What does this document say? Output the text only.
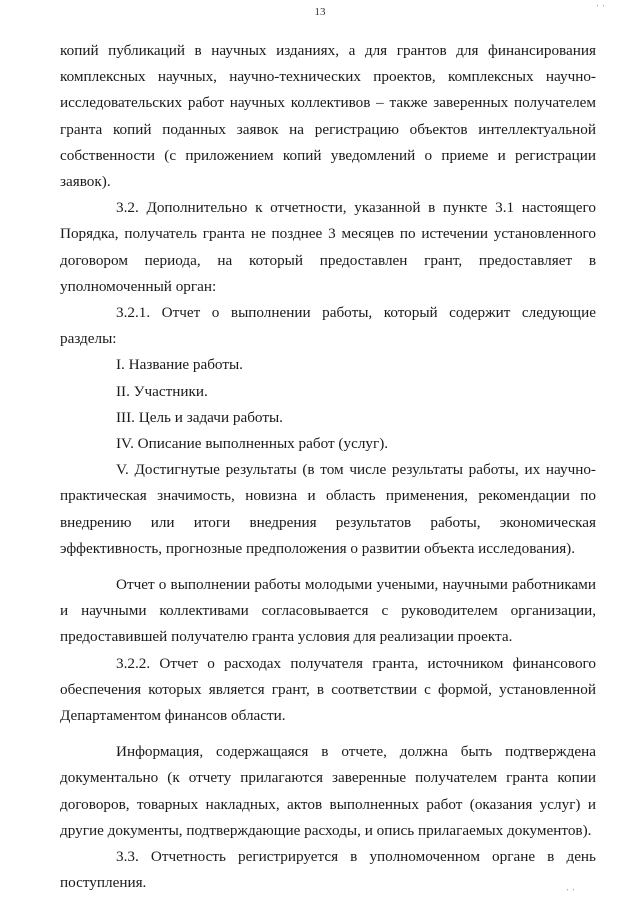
13

копий публикаций в научных изданиях, а для грантов для финансирования комплексных научных, научно-технических проектов, комплексных научно-исследовательских работ научных коллективов – также заверенных получателем гранта копий поданных заявок на регистрацию объектов интеллектуальной собственности (с приложением копий уведомлений о приеме и регистрации заявок).

3.2. Дополнительно к отчетности, указанной в пункте 3.1 настоящего Порядка, получатель гранта не позднее 3 месяцев по истечении установленного договором периода, на который предоставлен грант, предоставляет в уполномоченный орган:

3.2.1. Отчет о выполнении работы, который содержит следующие разделы:

I. Название работы.

II. Участники.

III. Цель и задачи работы.

IV. Описание выполненных работ (услуг).

V. Достигнутые результаты (в том числе результаты работы, их научно-практическая значимость, новизна и область применения, рекомендации по внедрению или итоги внедрения результатов работы, экономическая эффективность, прогнозные предположения о развитии объекта исследования).

Отчет о выполнении работы молодыми учеными, научными работниками и научными коллективами согласовывается с руководителем организации, предоставившей получателю гранта условия для реализации проекта.

3.2.2. Отчет о расходах получателя гранта, источником финансового обеспечения которых является грант, в соответствии с формой, установленной Департаментом финансов области.

Информация, содержащаяся в отчете, должна быть подтверждена документально (к отчету прилагаются заверенные получателем гранта копии договоров, товарных накладных, актов выполненных работ (оказания услуг) и другие документы, подтверждающие расходы, и опись прилагаемых документов).

3.3. Отчетность регистрируется в уполномоченном органе в день поступления.

ˌ ˌ
ˌ ˌ
